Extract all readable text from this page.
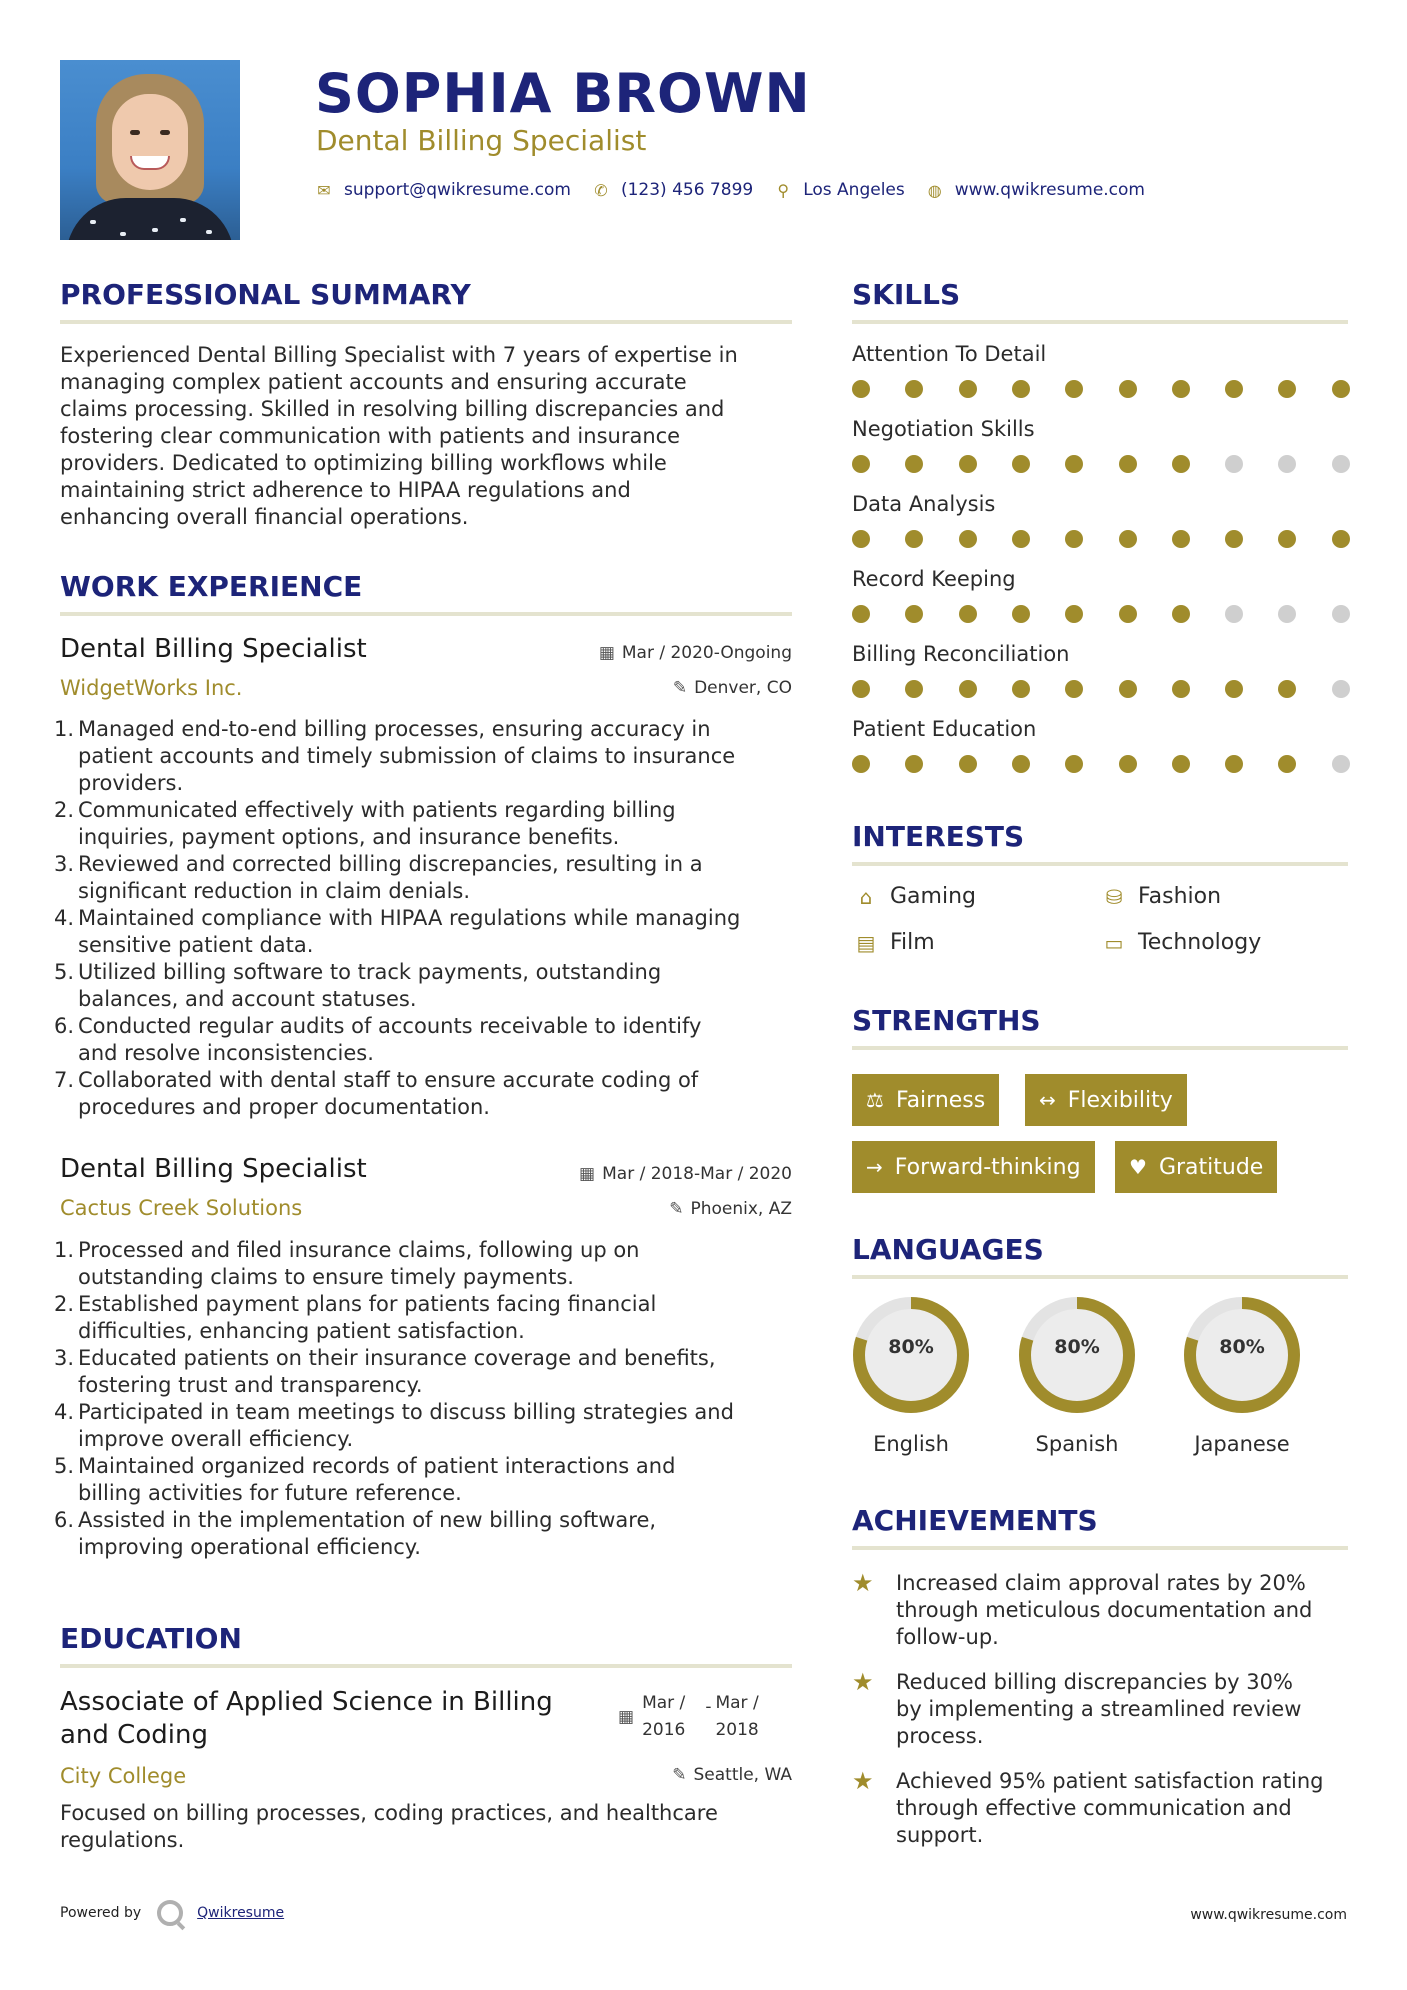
SOPHIA BROWN
Dental Billing Specialist
✉ support@qwikresume.com ✆ (123) 456 7899 ⚲ Los Angeles ◍ www.qwikresume.com
PROFESSIONAL SUMMARY
Experienced Dental Billing Specialist with 7 years of expertise in
managing complex patient accounts and ensuring accurate
claims processing. Skilled in resolving billing discrepancies and
fostering clear communication with patients and insurance
providers. Dedicated to optimizing billing workflows while
maintaining strict adherence to HIPAA regulations and
enhancing overall financial operations.
WORK EXPERIENCE
Dental Billing Specialist	▦ Mar / 2020-Ongoing
WidgetWorks Inc.	✎ Denver, CO
1. Managed end-to-end billing processes, ensuring accuracy in
patient accounts and timely submission of claims to insurance
providers.
2. Communicated effectively with patients regarding billing
inquiries, payment options, and insurance benefits.
3. Reviewed and corrected billing discrepancies, resulting in a
significant reduction in claim denials.
4. Maintained compliance with HIPAA regulations while managing
sensitive patient data.
5. Utilized billing software to track payments, outstanding
balances, and account statuses.
6. Conducted regular audits of accounts receivable to identify
and resolve inconsistencies.
7. Collaborated with dental staff to ensure accurate coding of
procedures and proper documentation.
Dental Billing Specialist	▦ Mar / 2018-Mar / 2020
Cactus Creek Solutions	✎ Phoenix, AZ
1. Processed and filed insurance claims, following up on
outstanding claims to ensure timely payments.
2. Established payment plans for patients facing financial
difficulties, enhancing patient satisfaction.
3. Educated patients on their insurance coverage and benefits,
fostering trust and transparency.
4. Participated in team meetings to discuss billing strategies and
improve overall efficiency.
5. Maintained organized records of patient interactions and
billing activities for future reference.
6. Assisted in the implementation of new billing software,
improving operational efficiency.
EDUCATION
Associate of Applied Science in Billing
and Coding
▦
Mar /
2016
- Mar /
2018
City College	✎ Seattle, WA
Focused on billing processes, coding practices, and healthcare
regulations.
SKILLS
Attention To Detail
Negotiation Skills
Data Analysis
Record Keeping
Billing Reconciliation
Patient Education
INTERESTS
⌂ Gaming	⛁ Fashion
▤ Film	▭ Technology
STRENGTHS
⚖ Fairness	↔ Flexibility
→ Forward-thinking ♥ Gratitude
LANGUAGES
80%
English
80%
Spanish
80%
Japanese
ACHIEVEMENTS
★	Increased claim approval rates by 20%
through meticulous documentation and
follow-up.
★	Reduced billing discrepancies by 30%
by implementing a streamlined review
process.
★	Achieved 95% patient satisfaction rating
through effective communication and
support.
Powered by	Qwikresume	www.qwikresume.com
